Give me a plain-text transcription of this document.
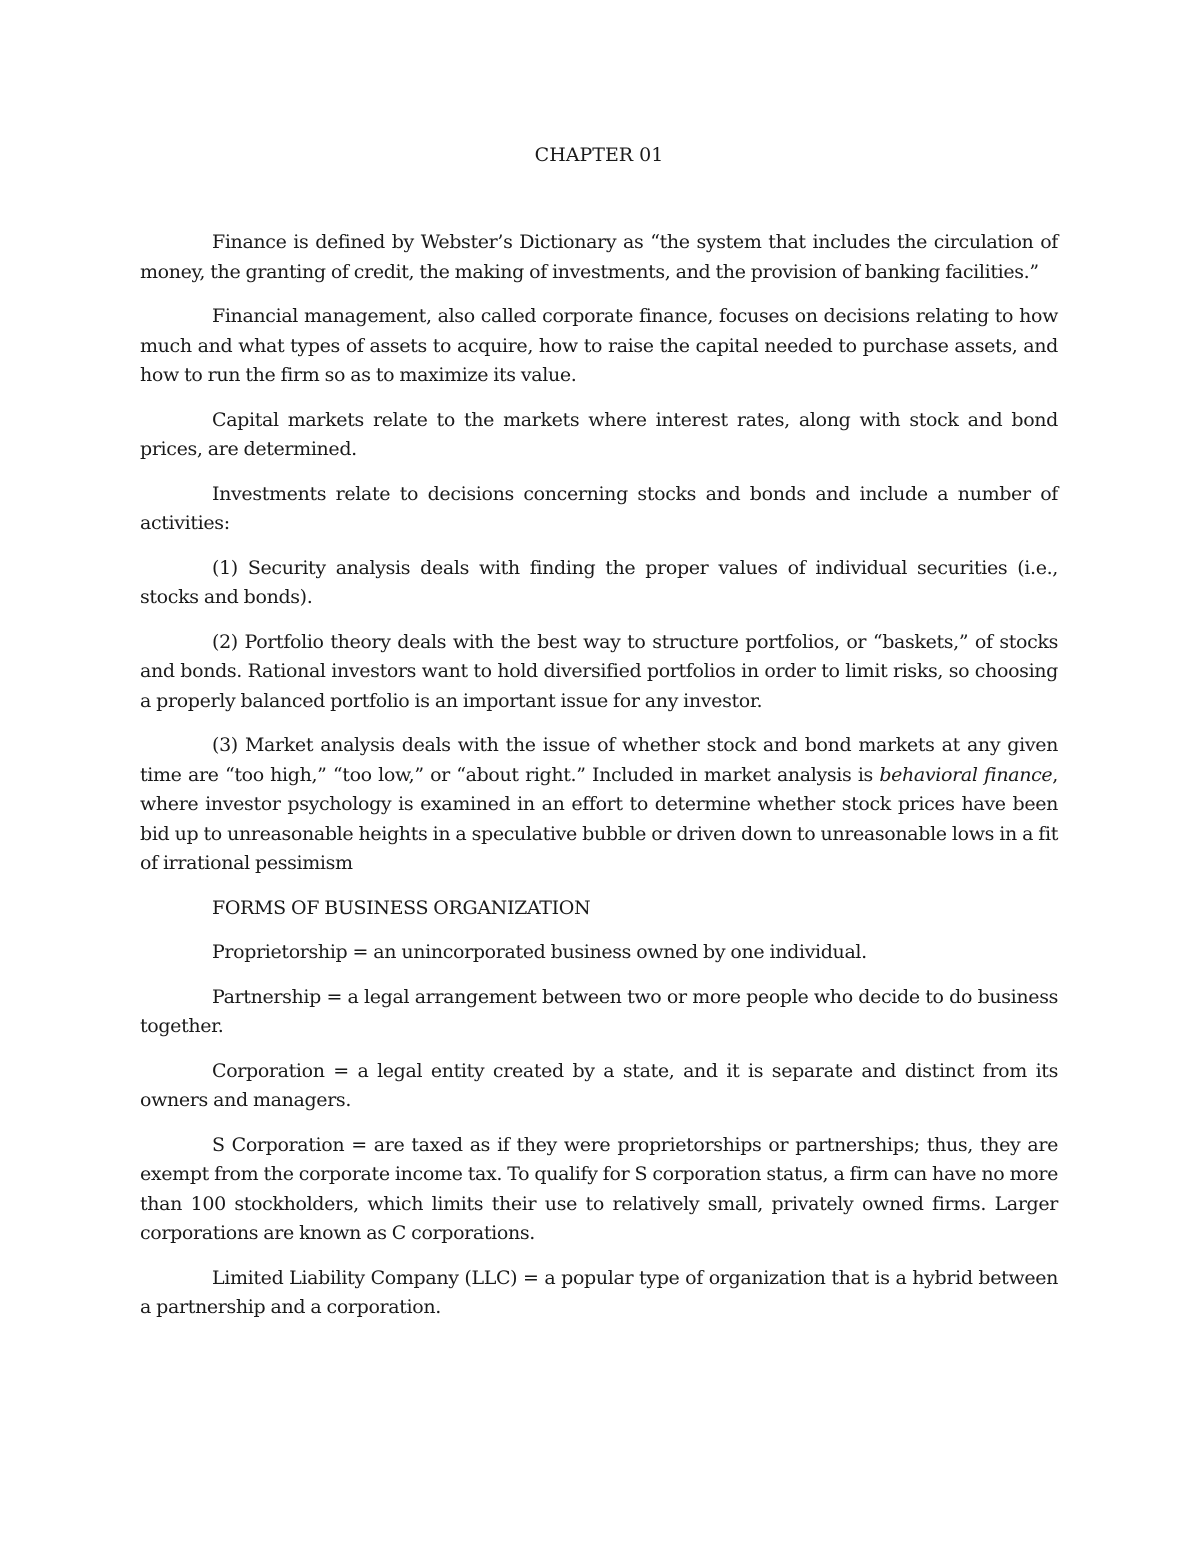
CHAPTER 01

Finance is defined by Webster’s Dictionary as “the system that includes the circulation of money, the granting of credit, the making of investments, and the provision of banking facilities.”

Financial management, also called corporate finance, focuses on decisions relating to how much and what types of assets to acquire, how to raise the capital needed to purchase assets, and how to run the firm so as to maximize its value.

Capital markets relate to the markets where interest rates, along with stock and bond prices, are determined.

Investments relate to decisions concerning stocks and bonds and include a number of activities:

(1) Security analysis deals with finding the proper values of individual securities (i.e., stocks and bonds).

(2) Portfolio theory deals with the best way to structure portfolios, or “baskets,” of stocks and bonds. Rational investors want to hold diversified portfolios in order to limit risks, so choosing a properly balanced portfolio is an important issue for any investor.

(3) Market analysis deals with the issue of whether stock and bond markets at any given time are “too high,” “too low,” or “about right.” Included in market analysis is behavioral finance, where investor psychology is examined in an effort to determine whether stock prices have been bid up to unreasonable heights in a speculative bubble or driven down to unreasonable lows in a fit of irrational pessimism

FORMS OF BUSINESS ORGANIZATION

Proprietorship = an unincorporated business owned by one individual.

Partnership = a legal arrangement between two or more people who decide to do business together.

Corporation = a legal entity created by a state, and it is separate and distinct from its owners and managers.

S Corporation = are taxed as if they were proprietorships or partnerships; thus, they are exempt from the corporate income tax. To qualify for S corporation status, a firm can have no more than 100 stockholders, which limits their use to relatively small, privately owned firms. Larger corporations are known as C corporations.

Limited Liability Company (LLC) = a popular type of organization that is a hybrid between a partnership and a corporation.
